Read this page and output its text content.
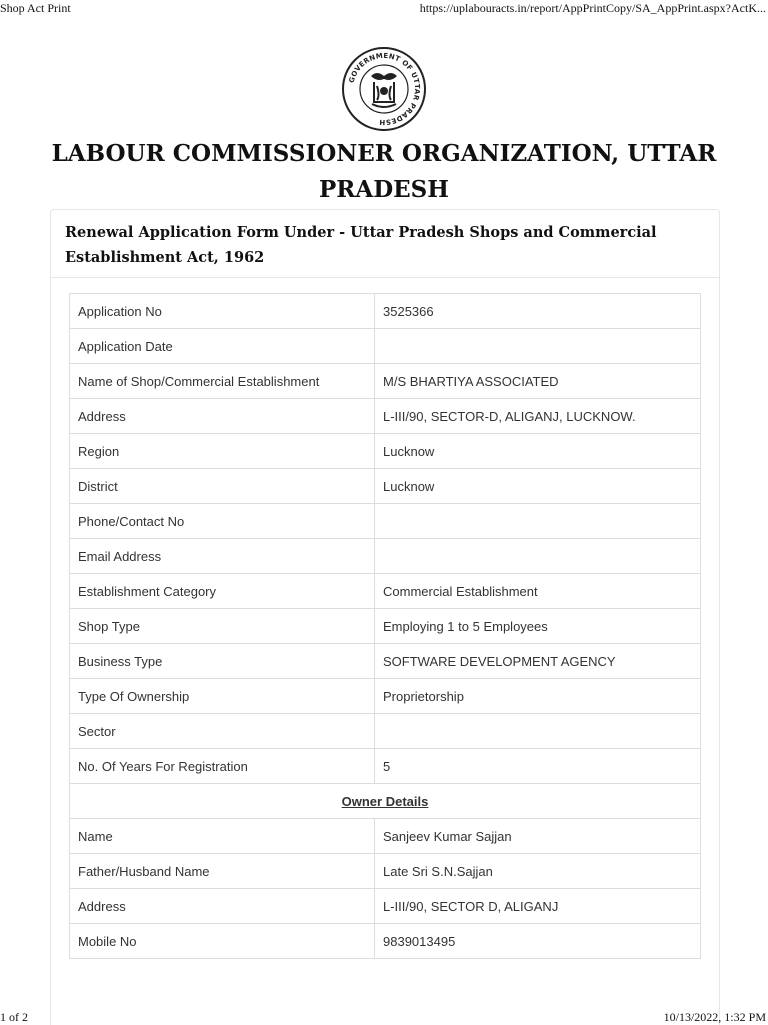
Shop Act Print	https://uplabouracts.in/report/AppPrintCopy/SA_AppPrint.aspx?ActK...
GOVERNMENT OF UTTAR PRADESH
LABOUR COMMISSIONER ORGANIZATION, UTTAR PRADESH
Renewal Application Form Under - Uttar Pradesh Shops and Commercial Establishment Act, 1962
Application No	3525366
Application Date	
Name of Shop/Commercial Establishment	M/S BHARTIYA ASSOCIATED
Address	L-III/90, SECTOR-D, ALIGANJ, LUCKNOW.
Region	Lucknow
District	Lucknow
Phone/Contact No	
Email Address	
Establishment Category	Commercial Establishment
Shop Type	Employing 1 to 5 Employees
Business Type	SOFTWARE DEVELOPMENT AGENCY
Type Of Ownership	Proprietorship
Sector	
No. Of Years For Registration	5
Owner Details	
Name	Sanjeev Kumar Sajjan
Father/Husband Name	Late Sri S.N.Sajjan
Address	L-III/90, SECTOR D, ALIGANJ
Mobile No	9839013495
1 of 2	10/13/2022, 1:32 PM
